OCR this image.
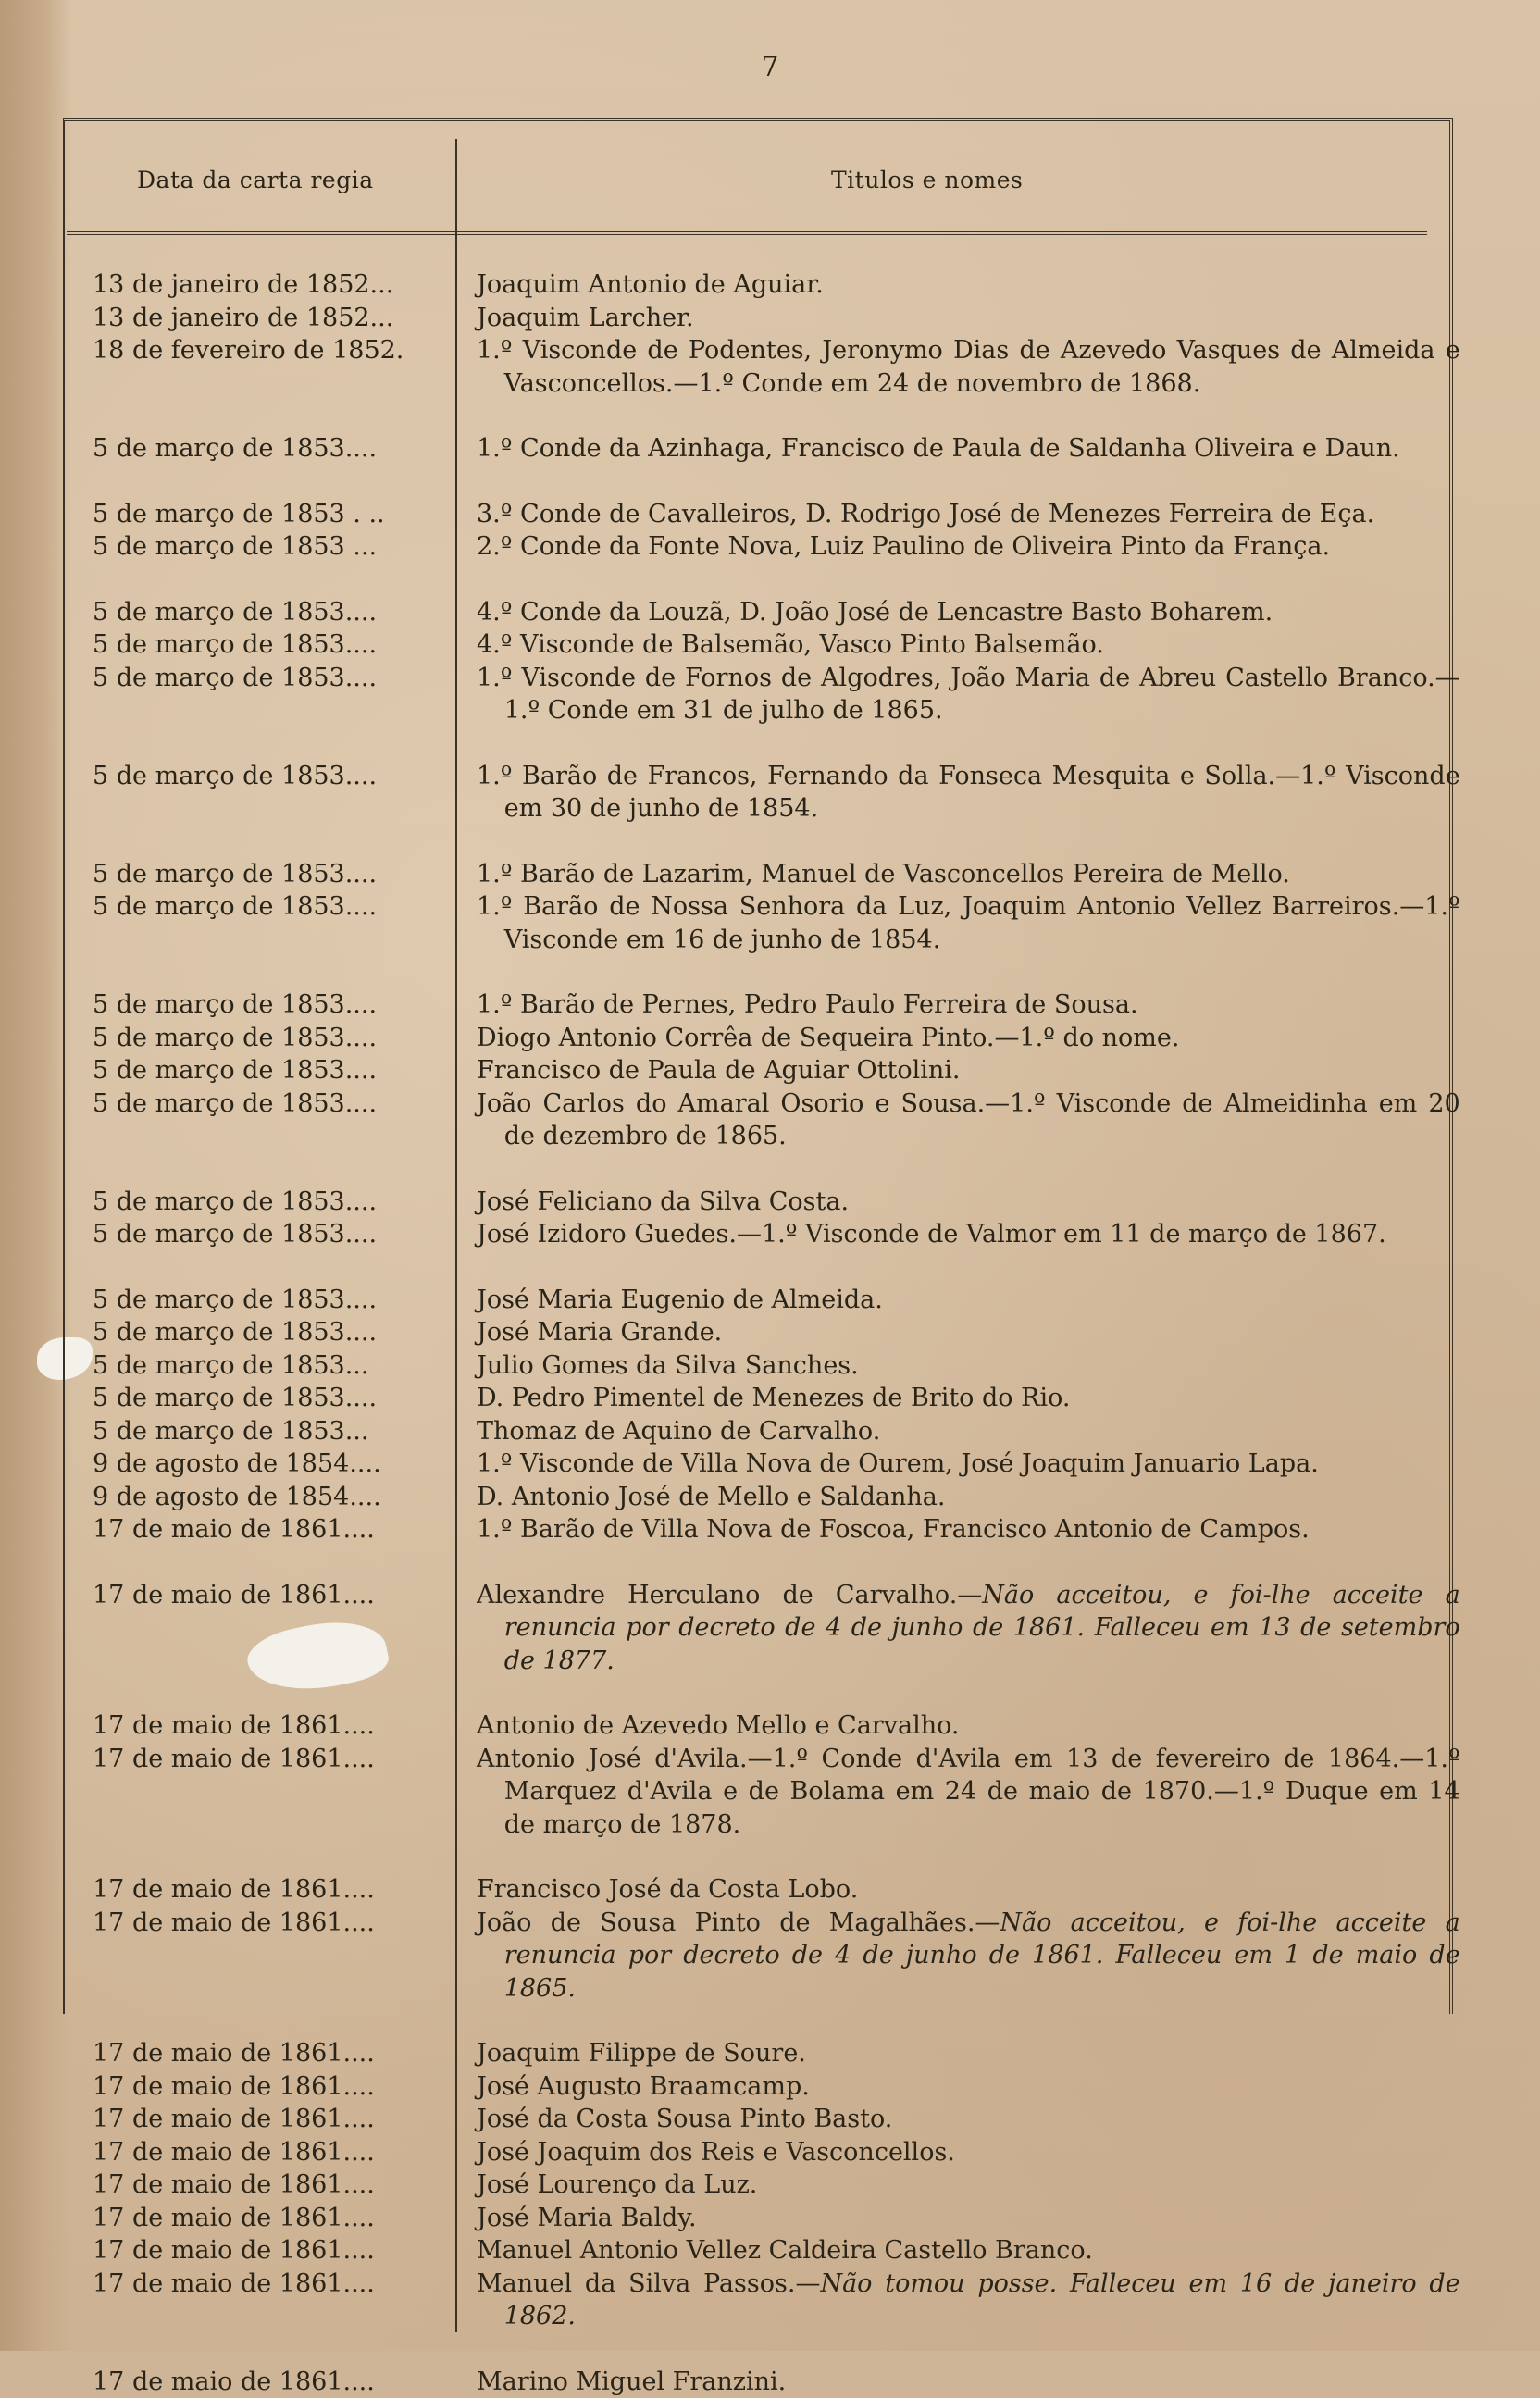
7
Data da carta regia	Titulos e nomes
13 de janeiro de 1852...	Joaquim Antonio de Aguiar.
13 de janeiro de 1852...	Joaquim Larcher.
18 de fevereiro de 1852.	1.º Visconde de Podentes, Jeronymo Dias de Azevedo Vasques de Almeida e Vasconcellos.—1.º Conde em 24 de novembro de 1868.
5 de março de 1853....	1.º Conde da Azinhaga, Francisco de Paula de Saldanha Oliveira e Daun.
5 de março de 1853 . ..	3.º Conde de Cavalleiros, D. Rodrigo José de Menezes Ferreira de Eça.
5 de março de 1853 ...	2.º Conde da Fonte Nova, Luiz Paulino de Oliveira Pinto da França.
5 de março de 1853....	4.º Conde da Louzã, D. João José de Lencastre Basto Boharem.
5 de março de 1853....	4.º Visconde de Balsemão, Vasco Pinto Balsemão.
5 de março de 1853....	1.º Visconde de Fornos de Algodres, João Maria de Abreu Castello Branco.—1.º Conde em 31 de julho de 1865.
5 de março de 1853....	1.º Barão de Francos, Fernando da Fonseca Mesquita e Solla.—1.º Visconde em 30 de junho de 1854.
5 de março de 1853....	1.º Barão de Lazarim, Manuel de Vasconcellos Pereira de Mello.
5 de março de 1853....	1.º Barão de Nossa Senhora da Luz, Joaquim Antonio Vellez Barreiros.—1.º Visconde em 16 de junho de 1854.
5 de março de 1853....	1.º Barão de Pernes, Pedro Paulo Ferreira de Sousa.
5 de março de 1853....	Diogo Antonio Corrêa de Sequeira Pinto.—1.º do nome.
5 de março de 1853....	Francisco de Paula de Aguiar Ottolini.
5 de março de 1853....	João Carlos do Amaral Osorio e Sousa.—1.º Visconde de Almeidinha em 20 de dezembro de 1865.
5 de março de 1853....	José Feliciano da Silva Costa.
5 de março de 1853....	José Izidoro Guedes.—1.º Visconde de Valmor em 11 de março de 1867.
5 de março de 1853....	José Maria Eugenio de Almeida.
5 de março de 1853....	José Maria Grande.
5 de março de 1853...	Julio Gomes da Silva Sanches.
5 de março de 1853....	D. Pedro Pimentel de Menezes de Brito do Rio.
5 de março de 1853...	Thomaz de Aquino de Carvalho.
9 de agosto de 1854....	1.º Visconde de Villa Nova de Ourem, José Joaquim Januario Lapa.
9 de agosto de 1854....	D. Antonio José de Mello e Saldanha.
17 de maio de 1861....	1.º Barão de Villa Nova de Foscoa, Francisco Antonio de Campos.
17 de maio de 1861....	Alexandre Herculano de Carvalho.—Não acceitou, e foi-lhe acceite a renuncia por decreto de 4 de junho de 1861. Falleceu em 13 de setembro de 1877.
17 de maio de 1861....	Antonio de Azevedo Mello e Carvalho.
17 de maio de 1861....	Antonio José d'Avila.—1.º Conde d'Avila em 13 de fevereiro de 1864.—1.º Marquez d'Avila e de Bolama em 24 de maio de 1870.—1.º Duque em 14 de março de 1878.
17 de maio de 1861....	Francisco José da Costa Lobo.
17 de maio de 1861....	João de Sousa Pinto de Magalhães.—Não acceitou, e foi-lhe acceite a renuncia por decreto de 4 de junho de 1861. Falleceu em 1 de maio de 1865.
17 de maio de 1861....	Joaquim Filippe de Soure.
17 de maio de 1861....	José Augusto Braamcamp.
17 de maio de 1861....	José da Costa Sousa Pinto Basto.
17 de maio de 1861....	José Joaquim dos Reis e Vasconcellos.
17 de maio de 1861....	José Lourenço da Luz.
17 de maio de 1861....	José Maria Baldy.
17 de maio de 1861....	Manuel Antonio Vellez Caldeira Castello Branco.
17 de maio de 1861....	Manuel da Silva Passos.—Não tomou posse. Falleceu em 16 de janeiro de 1862.
17 de maio de 1861....	Marino Miguel Franzini.
